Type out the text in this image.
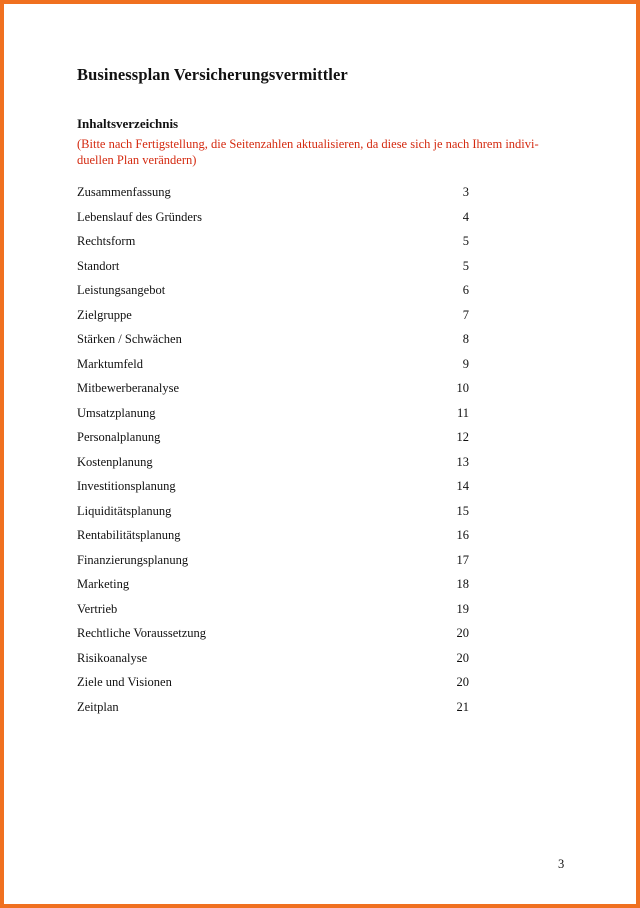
Businessplan Versicherungsvermittler
Inhaltsverzeichnis
(Bitte nach Fertigstellung, die Seitenzahlen aktualisieren, da diese sich je nach Ihrem indivi-
duellen Plan verändern)
Zusammenfassung	3
Lebenslauf des Gründers	4
Rechtsform	5
Standort	5
Leistungsangebot	6
Zielgruppe	7
Stärken / Schwächen	8
Marktumfeld	9
Mitbewerberanalyse	10
Umsatzplanung	11
Personalplanung	12
Kostenplanung	13
Investitionsplanung	14
Liquiditätsplanung	15
Rentabilitätsplanung	16
Finanzierungsplanung	17
Marketing	18
Vertrieb	19
Rechtliche Voraussetzung	20
Risikoanalyse	20
Ziele und Visionen	20
Zeitplan	21
3
